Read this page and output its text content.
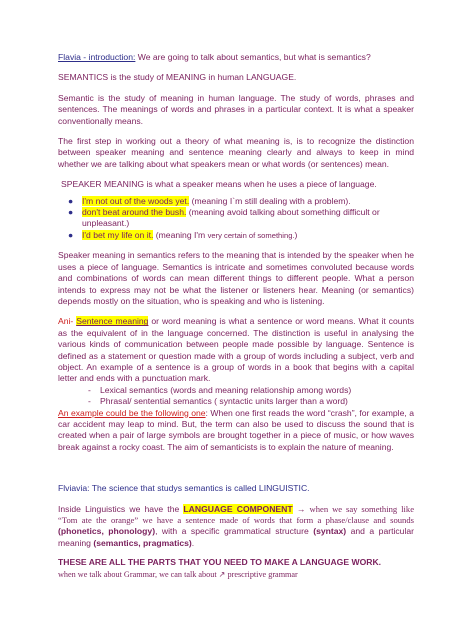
Flavia - introduction: We are going to talk about semantics, but what is semantics?

SEMANTICS is the study of MEANING in human LANGUAGE.

Semantic is the study of meaning in human language. The study of words, phrases and sentences. The meanings of words and phrases in a particular context. It is what a speaker conventionally means.

The first step in working out a theory of what meaning is, is to recognize the distinction between speaker meaning and sentence meaning clearly and always to keep in mind whether we are talking about what speakers mean or what words (or sentences) mean.

SPEAKER MEANING is what a speaker means when he uses a piece of language.

● I'm not out of the woods yet. (meaning I`m still dealing with a problem).
● don't beat around the bush. (meaning avoid talking about something difficult or unpleasant.)
● I'd bet my life on it. (meaning I'm very certain of something.)

Speaker meaning in semantics refers to the meaning that is intended by the speaker when he uses a piece of language. Semantics is intricate and sometimes convoluted because words and combinations of words can mean different things to different people. What a person intends to express may not be what the listener or listeners hear. Meaning (or semantics) depends mostly on the situation, who is speaking and who is listening.

Ani- Sentence meaning or word meaning is what a sentence or word means. What it counts as the equivalent of in the language concerned. The distinction is useful in analysing the various kinds of communication between people made possible by language. Sentence is defined as a statement or question made with a group of words including a subject, verb and object. An example of a sentence is a group of words in a book that begins with a capital letter and ends with a punctuation mark.

- Lexical semantics (words and meaning relationship among words)
- Phrasal/ sentential semantics ( syntactic units larger than a word)

An example could be the following one: When one first reads the word “crash”, for example, a car accident may leap to mind. But, the term can also be used to discuss the sound that is created when a pair of large symbols are brought together in a piece of music, or how waves break against a rocky coast. The aim of semanticists is to explain the nature of meaning.

Flviavia: The science that studys semantics is called LINGUISTIC.

Inside Linguistics we have the LANGUAGE COMPONENT → when we say something like “Tom ate the orange” we have a sentence made of words that form a phase/clause and sounds (phonetics, phonology), with a specific grammatical structure (syntax) and a particular meaning (semantics, pragmatics).

THESE ARE ALL THE PARTS THAT YOU NEED TO MAKE A LANGUAGE WORK.

when we talk about Grammar, we can talk about ↗ prescriptive grammar
